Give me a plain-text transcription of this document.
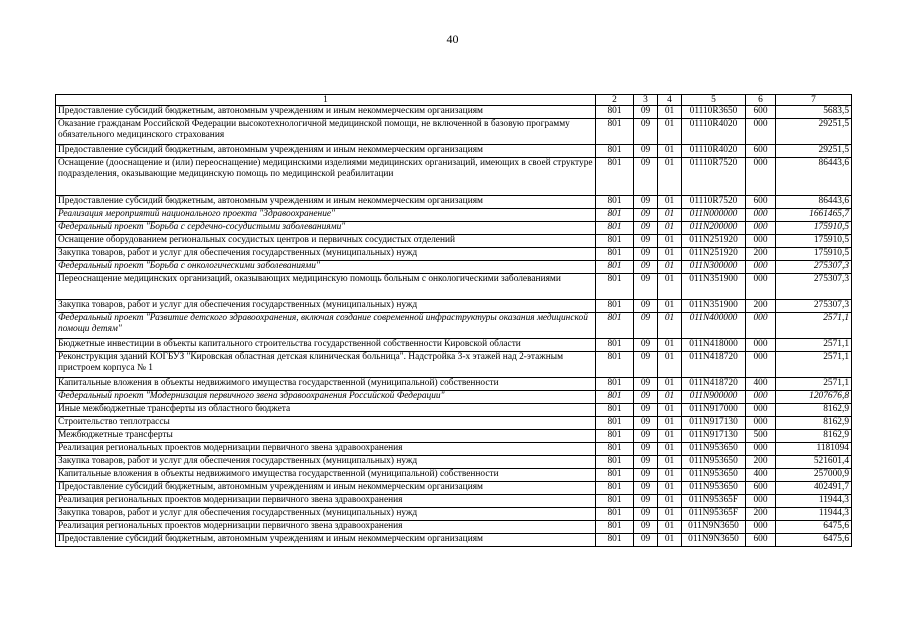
40
1	2	3	4	5	6	7
Предоставление субсидий бюджетным, автономным учреждениям и иным некоммерческим организациям	801	09	01	01110R3650	600	5683,5
Оказание гражданам Российской Федерации высокотехнологичной медицинской помощи, не включенной в базовую программу обязательного медицинского страхования	801	09	01	01110R4020	000	29251,5
Предоставление субсидий бюджетным, автономным учреждениям и иным некоммерческим организациям	801	09	01	01110R4020	600	29251,5
Оснащение (дооснащение и (или) переоснащение) медицинскими изделиями медицинских организаций, имеющих в своей структуре подразделения, оказывающие медицинскую помощь по медицинской реабилитации	801	09	01	01110R7520	000	86443,6
Предоставление субсидий бюджетным, автономным учреждениям и иным некоммерческим организациям	801	09	01	01110R7520	600	86443,6
Реализация мероприятий национального проекта "Здравоохранение"	801	09	01	011N000000	000	1661465,7
Федеральный проект "Борьба с сердечно-сосудистыми заболеваниями"	801	09	01	011N200000	000	175910,5
Оснащение оборудованием региональных сосудистых центров и первичных сосудистых отделений	801	09	01	011N251920	000	175910,5
Закупка товаров, работ и услуг для обеспечения государственных (муниципальных) нужд	801	09	01	011N251920	200	175910,5
Федеральный проект "Борьба с онкологическими заболеваниями"	801	09	01	011N300000	000	275307,3
Переоснащение медицинских организаций, оказывающих медицинскую помощь больным с онкологическими заболеваниями	801	09	01	011N351900	000	275307,3
Закупка товаров, работ и услуг для обеспечения государственных (муниципальных) нужд	801	09	01	011N351900	200	275307,3
Федеральный проект "Развитие детского здравоохранения, включая создание современной инфраструктуры оказания медицинской помощи детям"	801	09	01	011N400000	000	2571,1
Бюджетные инвестиции в объекты капитального строительства государственной собственности Кировской области	801	09	01	011N418000	000	2571,1
Реконструкция зданий КОГБУЗ "Кировская областная детская клиническая больница". Надстройка 3-х этажей над 2-этажным пристроем корпуса № 1	801	09	01	011N418720	000	2571,1
Капитальные вложения в объекты недвижимого имущества государственной (муниципальной) собственности	801	09	01	011N418720	400	2571,1
Федеральный проект "Модернизация первичного звена здравоохранения Российской Федерации"	801	09	01	011N900000	000	1207676,8
Иные межбюджетные трансферты из областного бюджета	801	09	01	011N917000	000	8162,9
Строительство теплотрассы	801	09	01	011N917130	000	8162,9
Межбюджетные трансферты	801	09	01	011N917130	500	8162,9
Реализация региональных проектов модернизации первичного звена здравоохранения	801	09	01	011N953650	000	1181094
Закупка товаров, работ и услуг для обеспечения государственных (муниципальных) нужд	801	09	01	011N953650	200	521601,4
Капитальные вложения в объекты недвижимого имущества государственной (муниципальной) собственности	801	09	01	011N953650	400	257000,9
Предоставление субсидий бюджетным, автономным учреждениям и иным некоммерческим организациям	801	09	01	011N953650	600	402491,7
Реализация региональных проектов модернизации первичного звена здравоохранения	801	09	01	011N95365F	000	11944,3
Закупка товаров, работ и услуг для обеспечения государственных (муниципальных) нужд	801	09	01	011N95365F	200	11944,3
Реализация региональных проектов модернизации первичного звена здравоохранения	801	09	01	011N9N3650	000	6475,6
Предоставление субсидий бюджетным, автономным учреждениям и иным некоммерческим организациям	801	09	01	011N9N3650	600	6475,6
